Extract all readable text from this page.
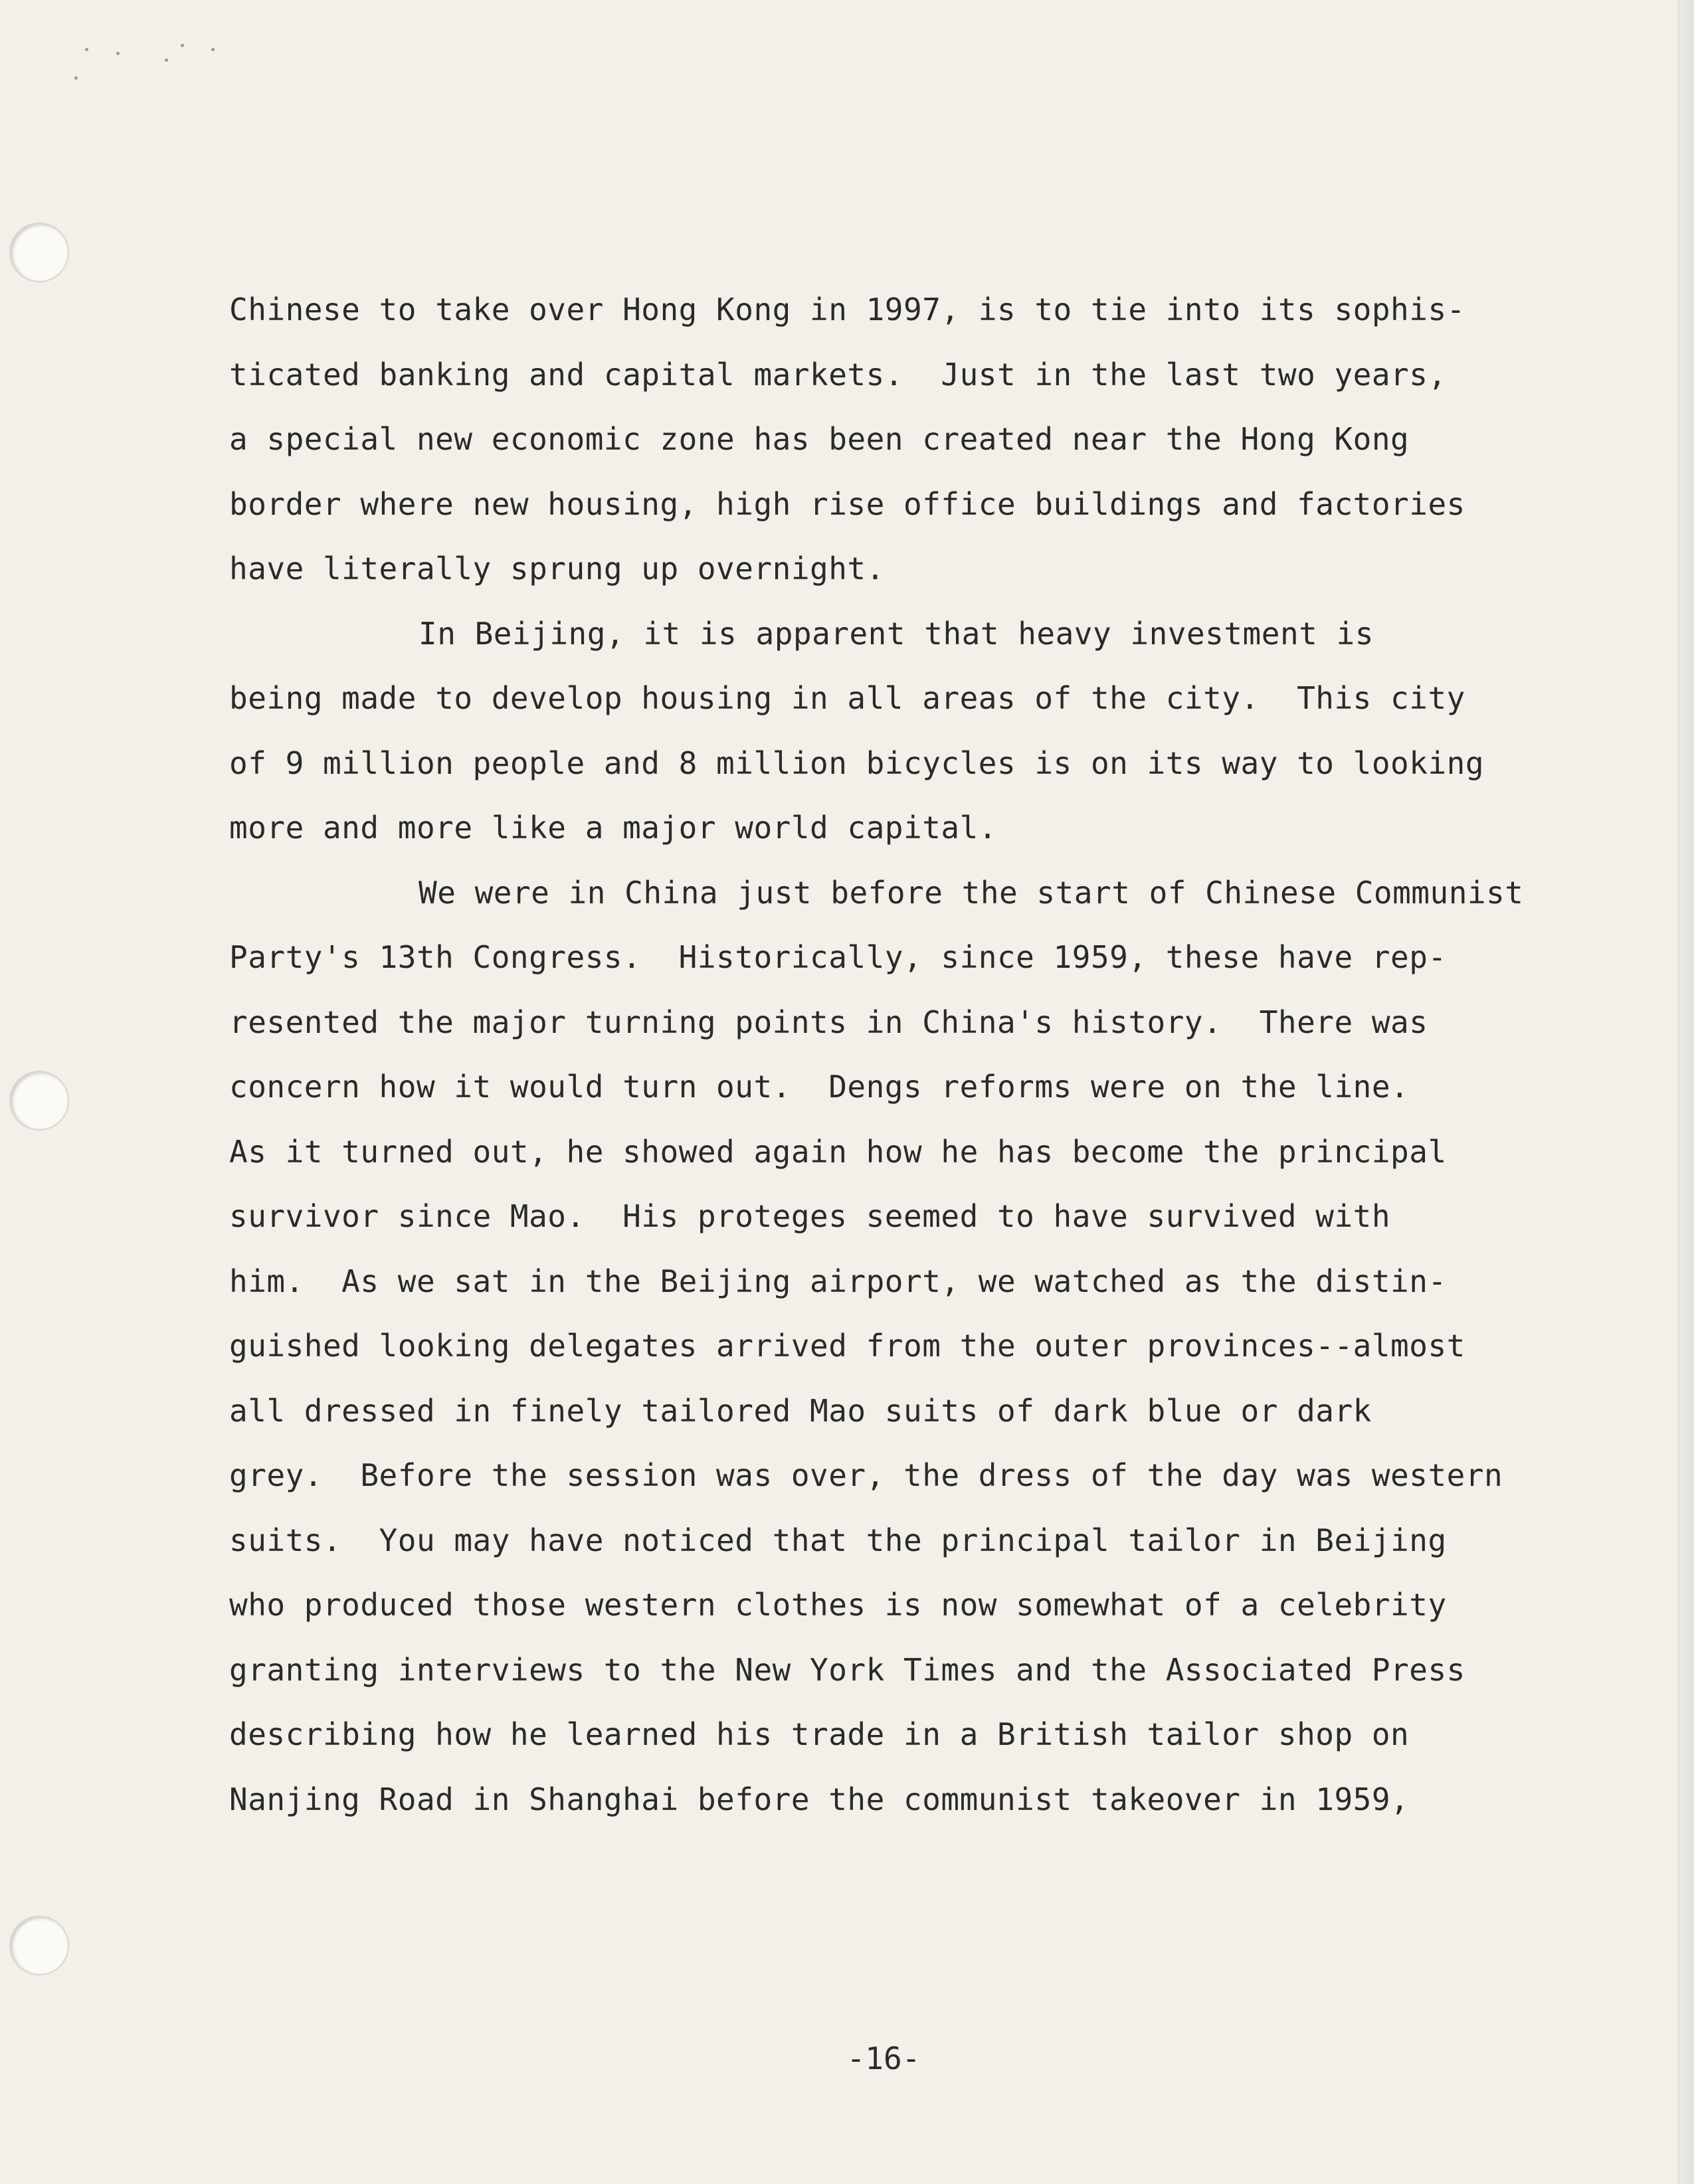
Chinese to take over Hong Kong in 1997, is to tie into its sophis-
ticated banking and capital markets.  Just in the last two years,
a special new economic zone has been created near the Hong Kong
border where new housing, high rise office buildings and factories
have literally sprung up overnight.
In Beijing, it is apparent that heavy investment is
being made to develop housing in all areas of the city.  This city
of 9 million people and 8 million bicycles is on its way to looking
more and more like a major world capital.
We were in China just before the start of Chinese Communist
Party's 13th Congress.  Historically, since 1959, these have rep-
resented the major turning points in China's history.  There was
concern how it would turn out.  Dengs reforms were on the line.
As it turned out, he showed again how he has become the principal
survivor since Mao.  His proteges seemed to have survived with
him.  As we sat in the Beijing airport, we watched as the distin-
guished looking delegates arrived from the outer provinces--almost
all dressed in finely tailored Mao suits of dark blue or dark
grey.  Before the session was over, the dress of the day was western
suits.  You may have noticed that the principal tailor in Beijing
who produced those western clothes is now somewhat of a celebrity
granting interviews to the New York Times and the Associated Press
describing how he learned his trade in a British tailor shop on
Nanjing Road in Shanghai before the communist takeover in 1959,
-16-
